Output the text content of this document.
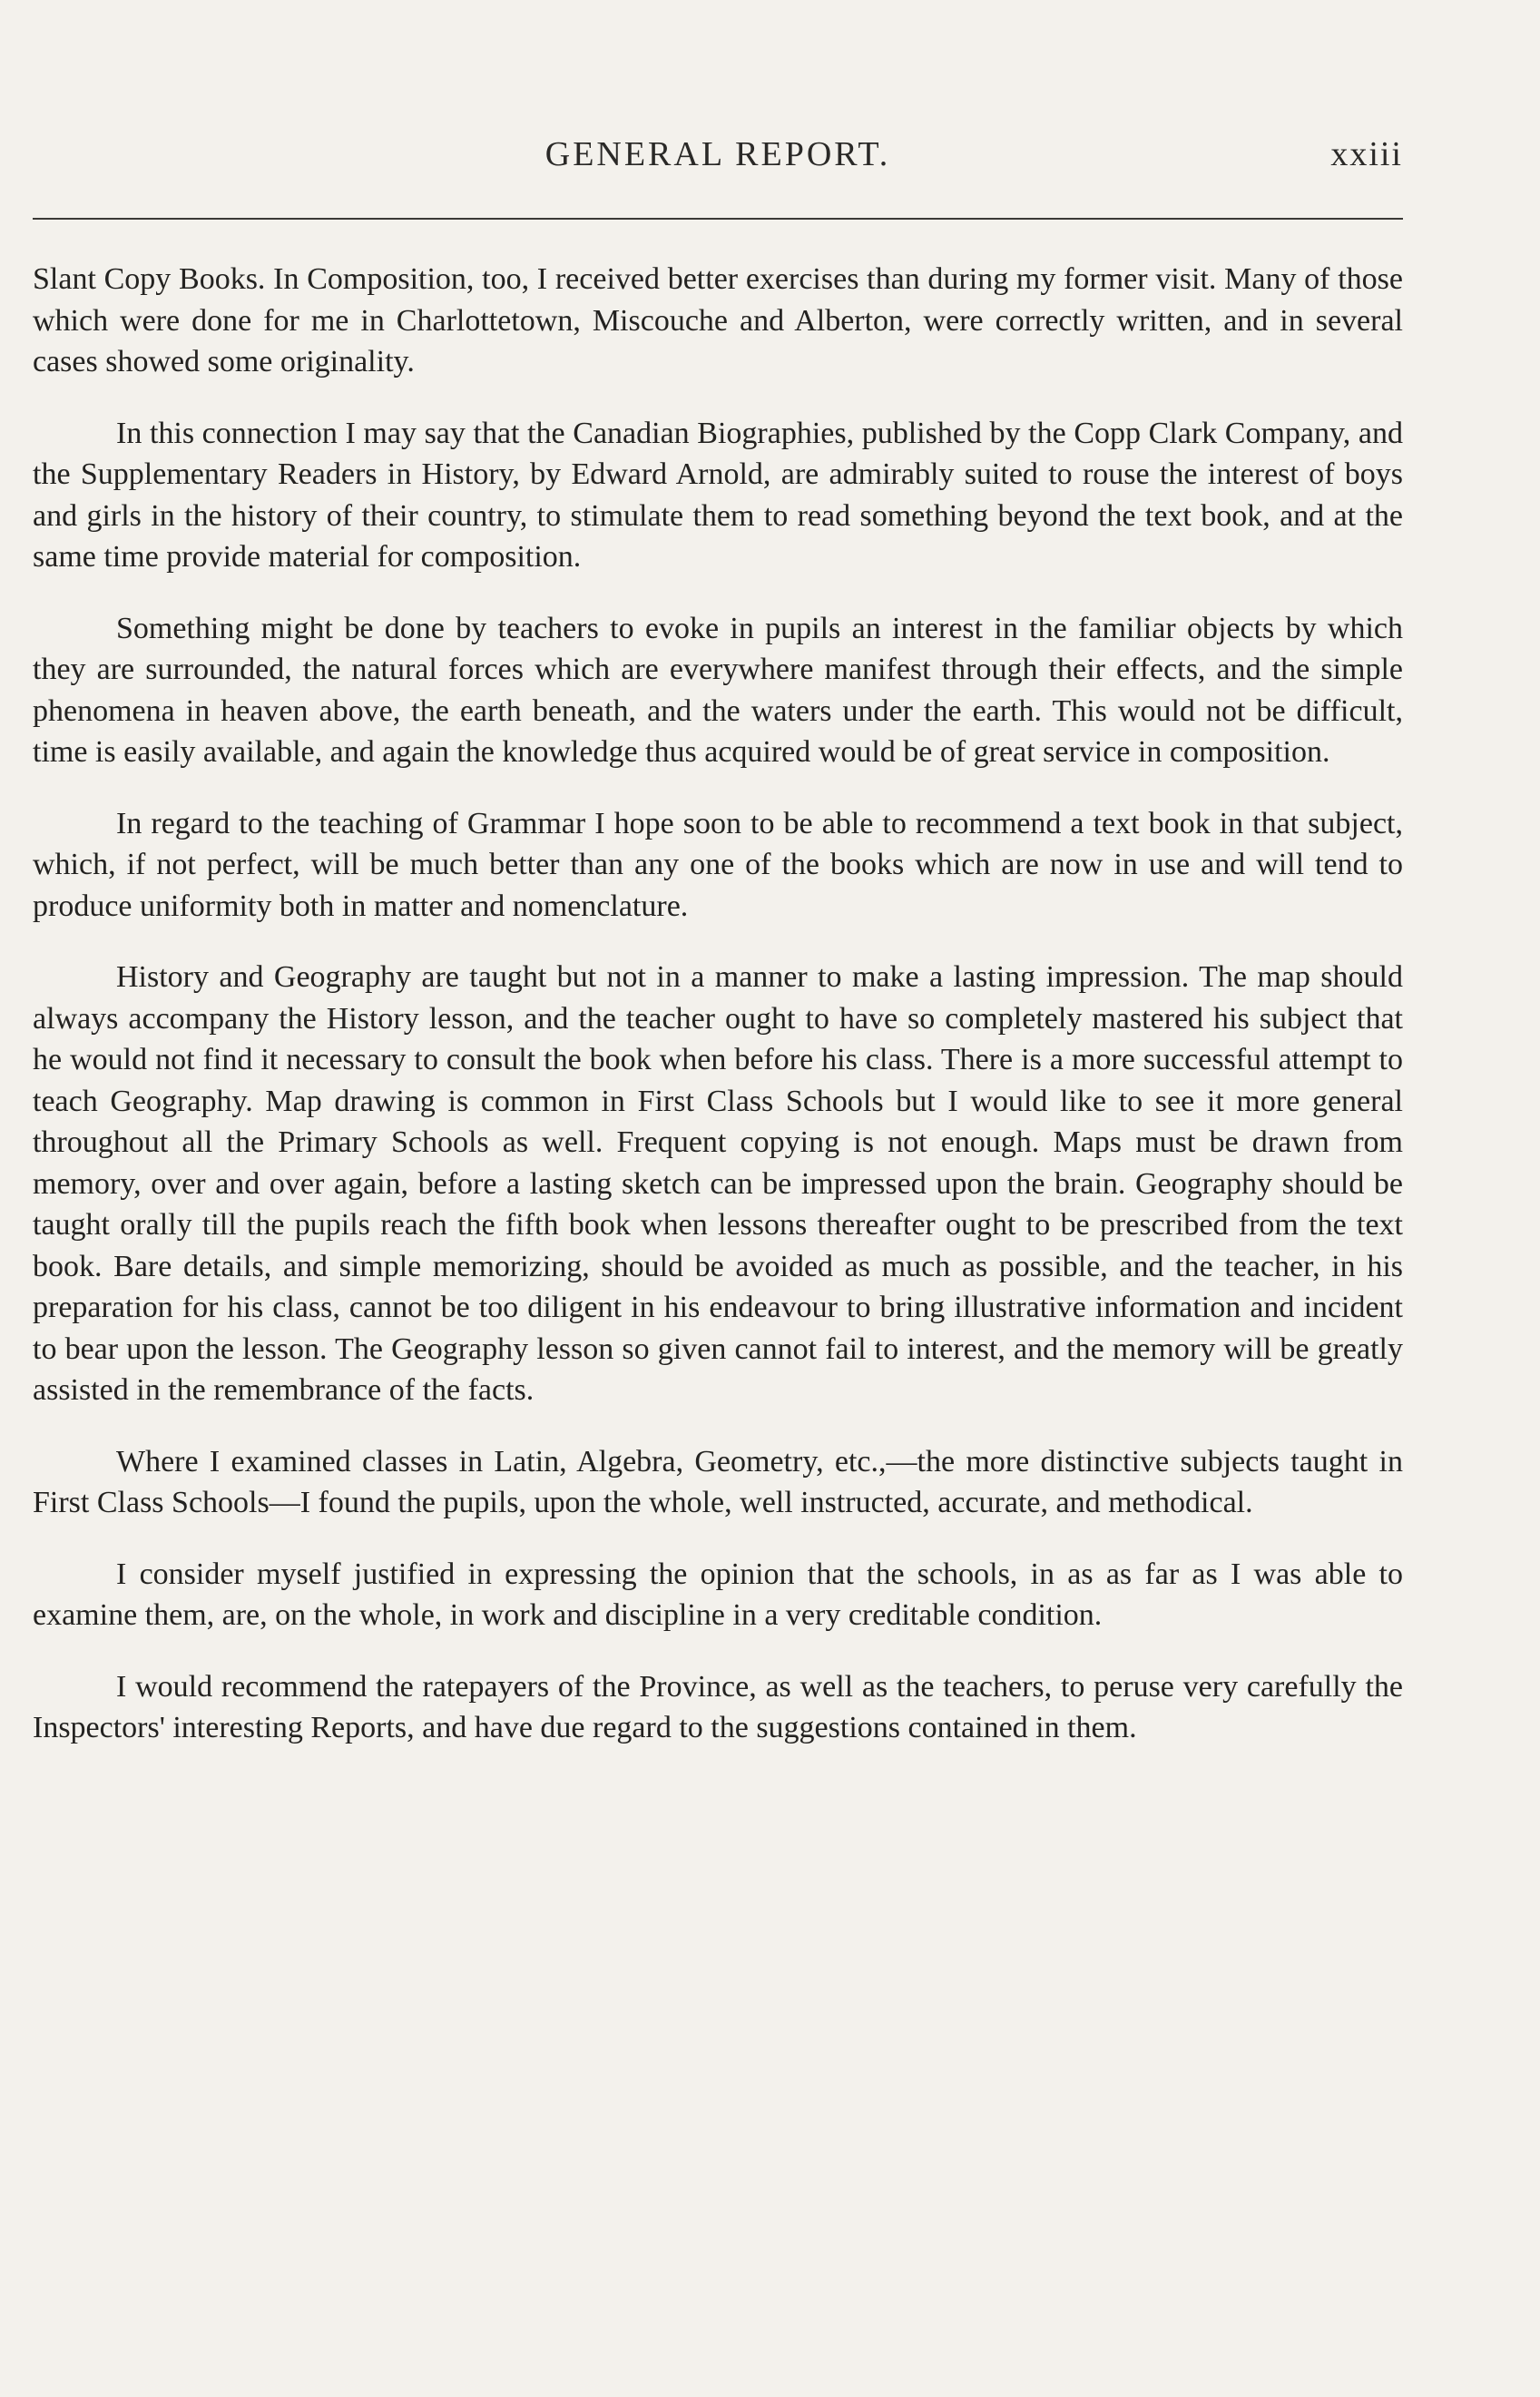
GENERAL REPORT.	xxiii

Slant Copy Books. In Composition, too, I received better exercises than during my former visit. Many of those which were done for me in Charlottetown, Miscouche and Alberton, were correctly written, and in several cases showed some originality.

In this connection I may say that the Canadian Biographies, published by the Copp Clark Company, and the Supplementary Readers in History, by Edward Arnold, are admirably suited to rouse the interest of boys and girls in the history of their country, to stimulate them to read something beyond the text book, and at the same time provide material for composition.

Something might be done by teachers to evoke in pupils an interest in the familiar objects by which they are surrounded, the natural forces which are everywhere manifest through their effects, and the simple phenomena in heaven above, the earth beneath, and the waters under the earth. This would not be difficult, time is easily available, and again the knowledge thus acquired would be of great service in composition.

In regard to the teaching of Grammar I hope soon to be able to recommend a text book in that subject, which, if not perfect, will be much better than any one of the books which are now in use and will tend to produce uniformity both in matter and nomenclature.

History and Geography are taught but not in a manner to make a lasting impression. The map should always accompany the History lesson, and the teacher ought to have so completely mastered his subject that he would not find it necessary to consult the book when before his class. There is a more successful attempt to teach Geography. Map drawing is common in First Class Schools but I would like to see it more general throughout all the Primary Schools as well. Frequent copying is not enough. Maps must be drawn from memory, over and over again, before a lasting sketch can be impressed upon the brain. Geography should be taught orally till the pupils reach the fifth book when lessons thereafter ought to be prescribed from the text book. Bare details, and simple memorizing, should be avoided as much as possible, and the teacher, in his preparation for his class, cannot be too diligent in his endeavour to bring illustrative information and incident to bear upon the lesson. The Geography lesson so given cannot fail to interest, and the memory will be greatly assisted in the remembrance of the facts.

Where I examined classes in Latin, Algebra, Geometry, etc.,—the more distinctive subjects taught in First Class Schools—I found the pupils, upon the whole, well instructed, accurate, and methodical.

I consider myself justified in expressing the opinion that the schools, in as as far as I was able to examine them, are, on the whole, in work and discipline in a very creditable condition.

I would recommend the ratepayers of the Province, as well as the teachers, to peruse very carefully the Inspectors' interesting Reports, and have due regard to the suggestions contained in them.
